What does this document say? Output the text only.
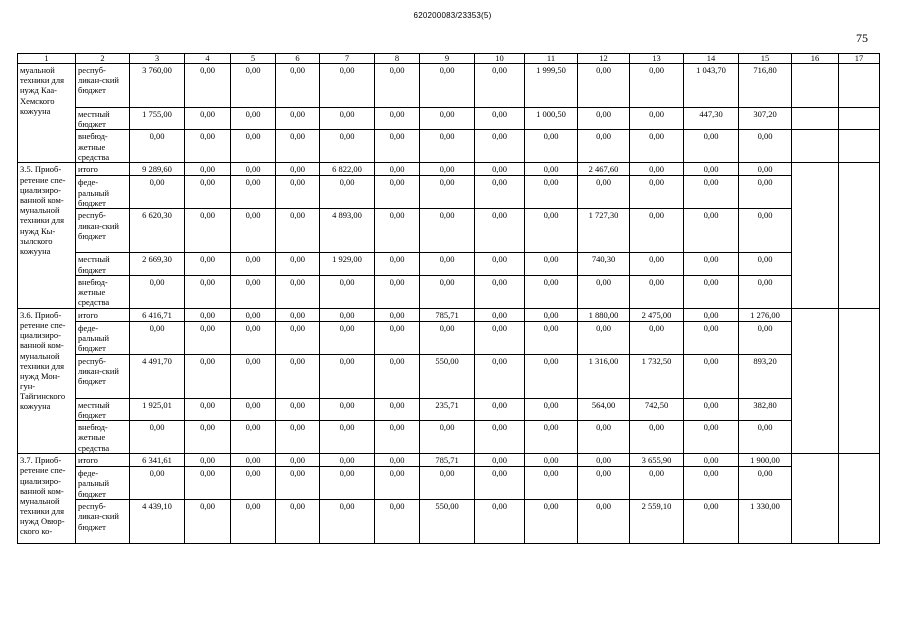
620200083/23353(5)
75
1	2	3	4	5	6	7	8	9	10	11	12	13	14	15	16	17
муальной техники для нужд Каа-Хемского кожууна	респуб-ликан-ский бюджет	3 760,00	0,00	0,00	0,00	0,00	0,00	0,00	0,00	1 999,50	0,00	0,00	1 043,70	716,80		
	местный бюджет	1 755,00	0,00	0,00	0,00	0,00	0,00	0,00	0,00	1 000,50	0,00	0,00	447,30	307,20		
	внебюд-жетные средства	0,00	0,00	0,00	0,00	0,00	0,00	0,00	0,00	0,00	0,00	0,00	0,00	0,00		
3.5. Приоб-ретение спе-циализиро-ванной ком-мунальной техники для нужд Кы-зылского кожууна	итого	9 289,60	0,00	0,00	0,00	6 822,00	0,00	0,00	0,00	0,00	2 467,60	0,00	0,00	0,00		
	феде-ральный бюджет	0,00	0,00	0,00	0,00	0,00	0,00	0,00	0,00	0,00	0,00	0,00	0,00	0,00		
	респуб-ликан-ский бюджет	6 620,30	0,00	0,00	0,00	4 893,00	0,00	0,00	0,00	0,00	1 727,30	0,00	0,00	0,00		
	местный бюджет	2 669,30	0,00	0,00	0,00	1 929,00	0,00	0,00	0,00	0,00	740,30	0,00	0,00	0,00		
	внебюд-жетные средства	0,00	0,00	0,00	0,00	0,00	0,00	0,00	0,00	0,00	0,00	0,00	0,00	0,00		
3.6. Приоб-ретение спе-циализиро-ванной ком-мунальной техники для нужд Мон-гун-Тайгинского кожууна	итого	6 416,71	0,00	0,00	0,00	0,00	0,00	785,71	0,00	0,00	1 880,00	2 475,00	0,00	1 276,00		
	феде-ральный бюджет	0,00	0,00	0,00	0,00	0,00	0,00	0,00	0,00	0,00	0,00	0,00	0,00	0,00		
	респуб-ликан-ский бюджет	4 491,70	0,00	0,00	0,00	0,00	0,00	550,00	0,00	0,00	1 316,00	1 732,50	0,00	893,20		
	местный бюджет	1 925,01	0,00	0,00	0,00	0,00	0,00	235,71	0,00	0,00	564,00	742,50	0,00	382,80		
	внебюд-жетные средства	0,00	0,00	0,00	0,00	0,00	0,00	0,00	0,00	0,00	0,00	0,00	0,00	0,00		
3.7. Приоб-ретение спе-циализиро-ванной ком-мунальной техники для нужд Овюр-ского ко-	итого	6 341,61	0,00	0,00	0,00	0,00	0,00	785,71	0,00	0,00	0,00	3 655,90	0,00	1 900,00		
	феде-ральный бюджет	0,00	0,00	0,00	0,00	0,00	0,00	0,00	0,00	0,00	0,00	0,00	0,00	0,00		
	респуб-ликан-ский бюджет	4 439,10	0,00	0,00	0,00	0,00	0,00	550,00	0,00	0,00	0,00	2 559,10	0,00	1 330,00		
